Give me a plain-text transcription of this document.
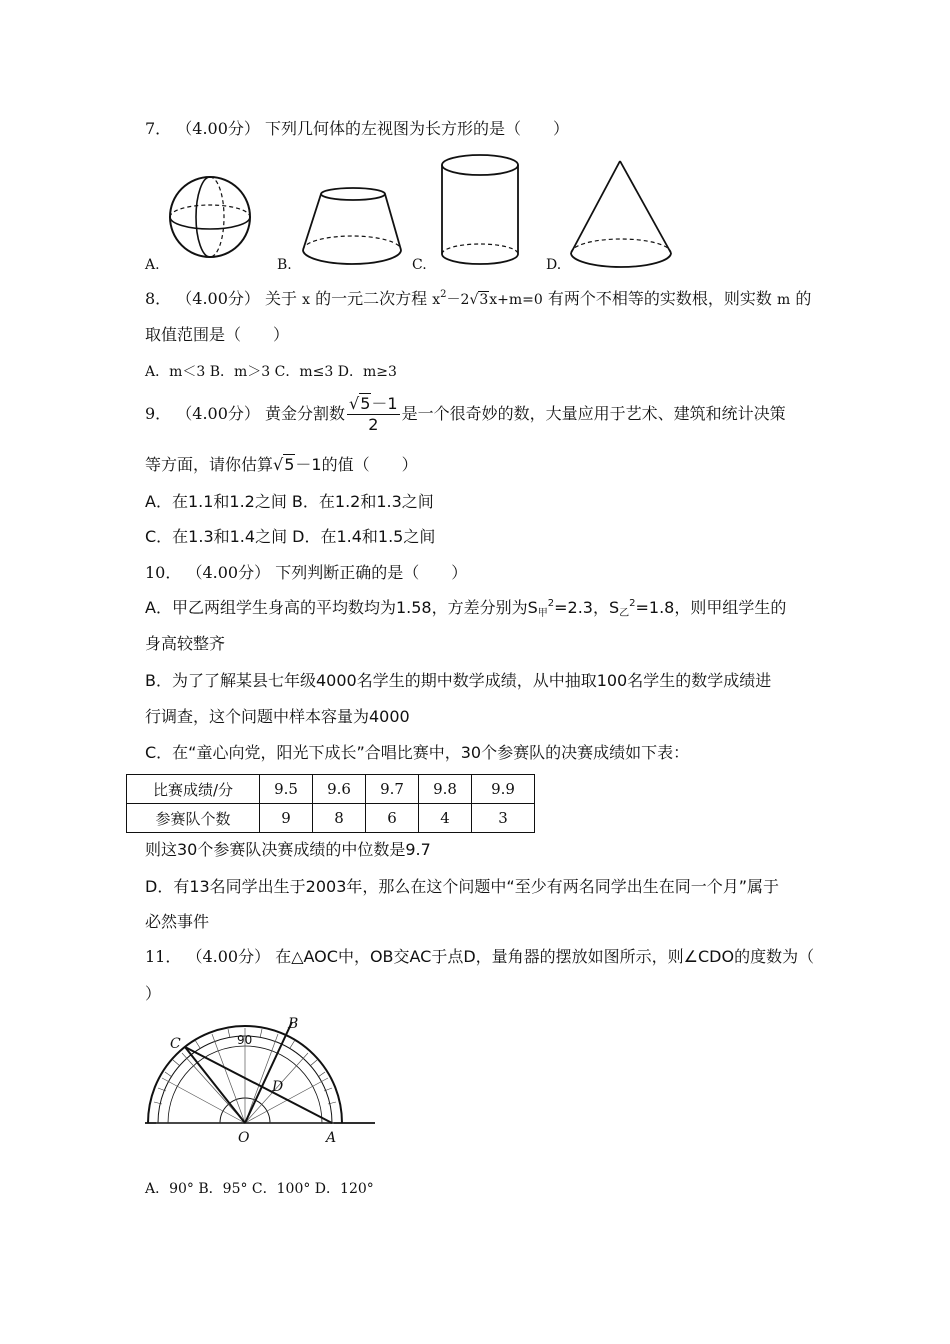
7． （4.00分） 下列几何体的左视图为长方形的是（　　）
A.	B.	C.	D.
8． （4.00分） 关于 x 的一元二次方程 $x^2-2√3x+m=0$ 有两个不相等的实数根，则实数 m 的
取值范围是（　　）
A．m＜3 B．m＞3 C．m≤3 D．m≥3
9． （4.00分） 黄金分割数 $\frac{√5-1}{2}$ 是一个很奇妙的数，大量应用于艺术、建筑和统计决策
等方面，请你估算√5－1的值（　　）
A．在1.1和1.2之间 B．在1.2和1.3之间
C．在1.3和1.4之间 D．在1.4和1.5之间
10． （4.00分） 下列判断正确的是（　　）
A．甲乙两组学生身高的平均数均为1.58，方差分别为$S_甲^2=2.3$，$S_乙^2=1.8$，则甲组学生的
身高较整齐
B．为了了解某县七年级4000名学生的期中数学成绩，从中抽取100名学生的数学成绩进
行调查，这个问题中样本容量为4000
C．在“童心向党，阳光下成长”合唱比赛中，30个参赛队的决赛成绩如下表：
比赛成绩/分	9.5	9.6	9.7	9.8	9.9
参赛队个数	9	8	6	4	3
则这30个参赛队决赛成绩的中位数是9.7
D．有13名同学出生于2003年，那么在这个问题中“至少有两名同学出生在同一个月”属于
必然事件
11． （4.00分） 在△AOC中，OB交AC于点D，量角器的摆放如图所示，则∠CDO的度数为（
）
C
B
D
O	A
90
A．90° B．95° C．100° D．120°
